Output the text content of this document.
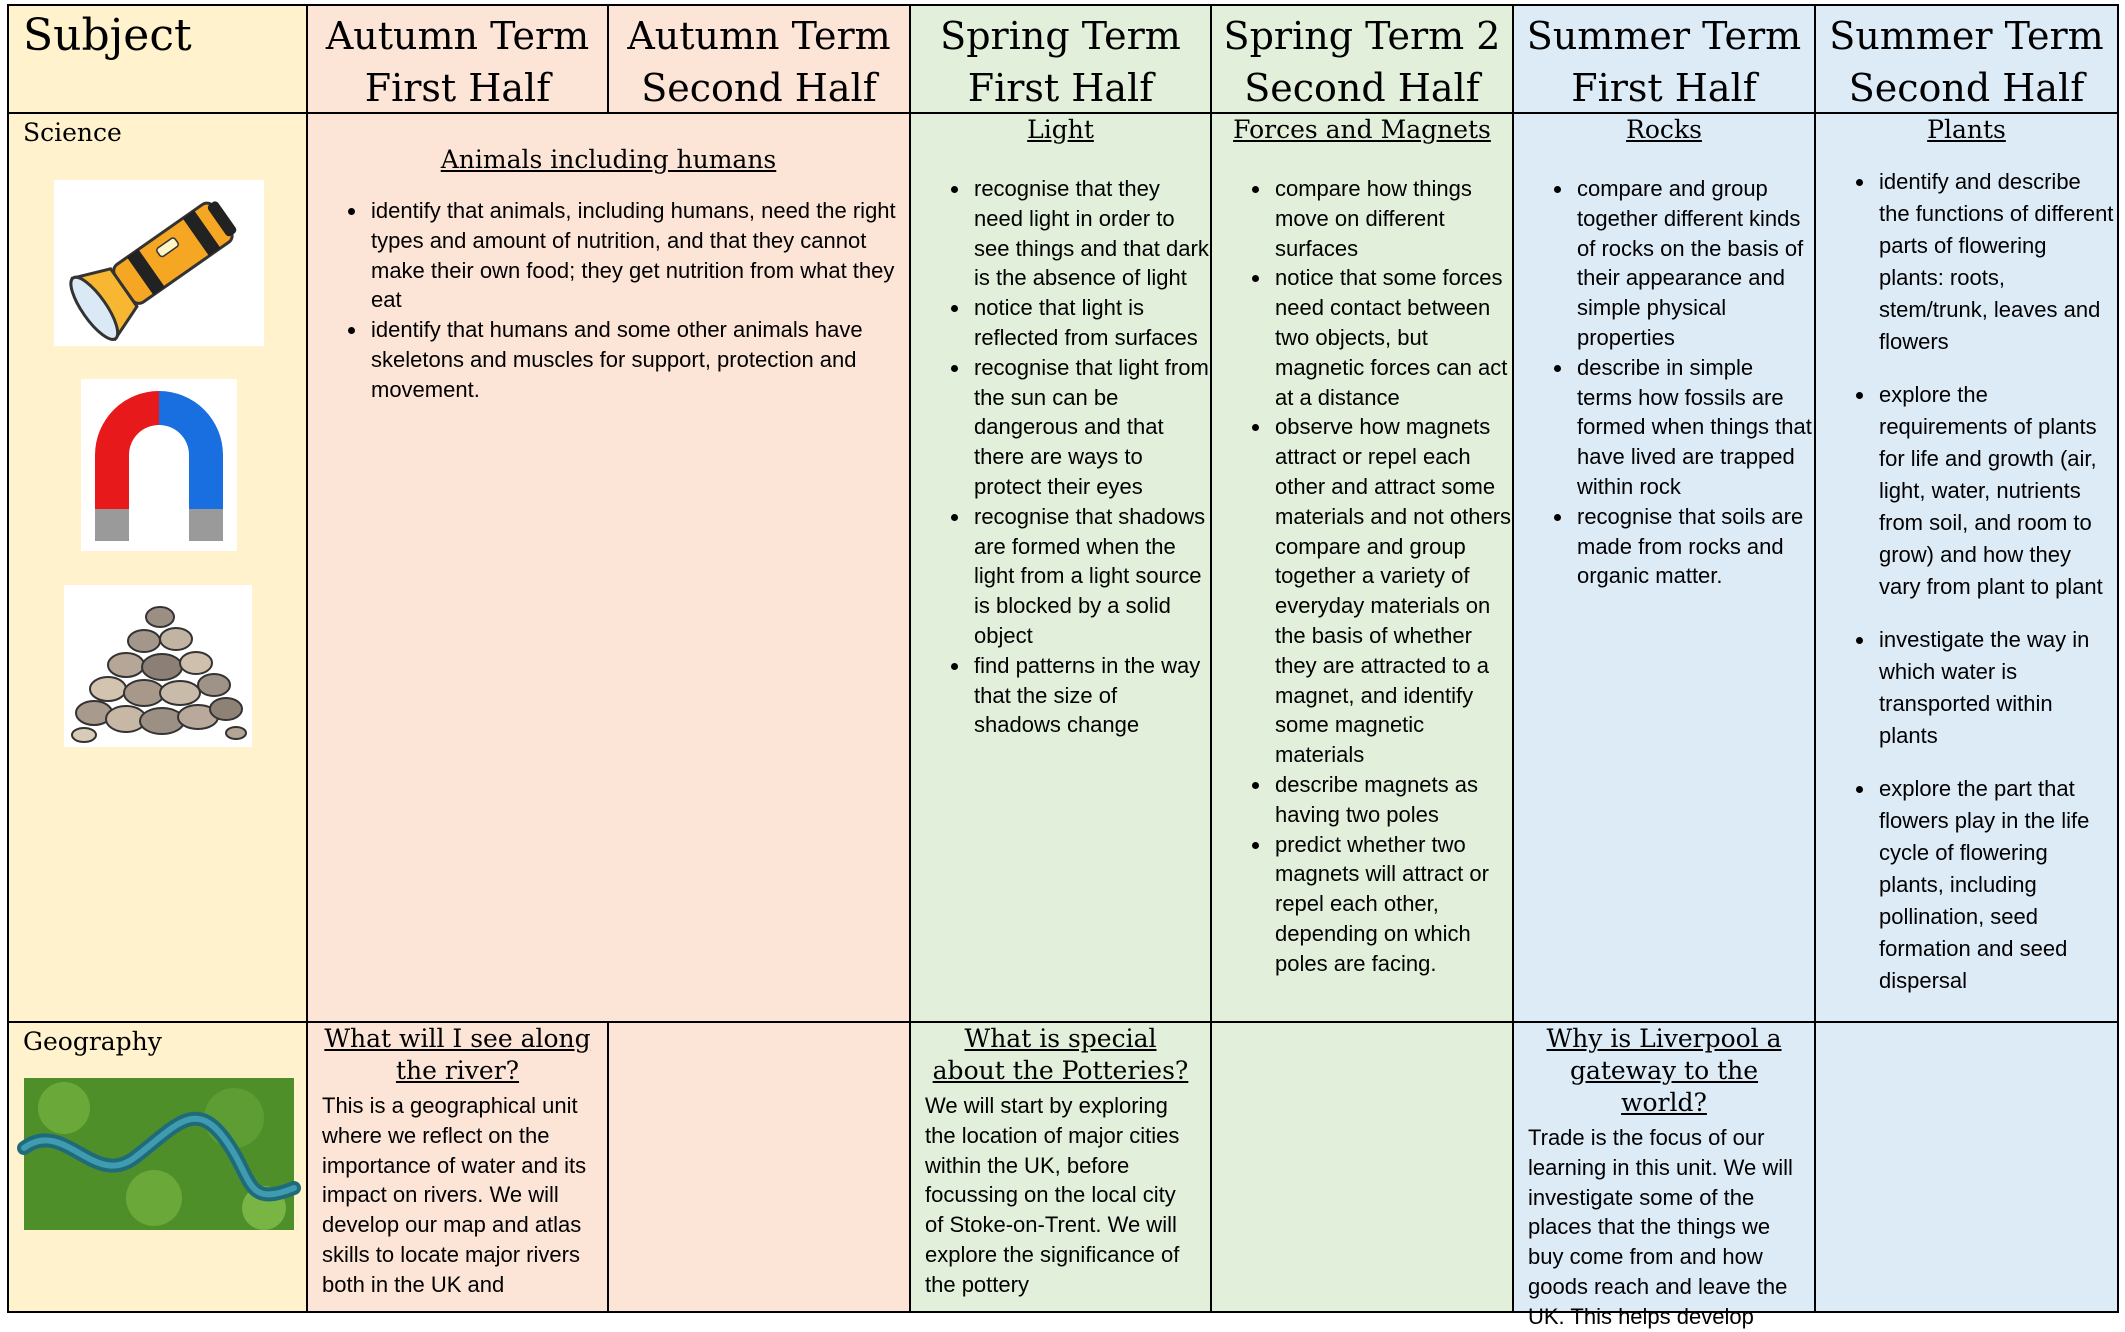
Subject	Autumn Term
First Half
Autumn Term
Second Half
Spring Term
First Half
Spring Term 2
Second Half
Summer Term
First Half
Summer Term
Second Half
Science
Animals including humans
• identify that animals, including humans, need the right types and amount of nutrition, and that they cannot make their own food; they get nutrition from what they eat
• identify that humans and some other animals have skeletons and muscles for support, protection and movement.
Light
• recognise that they need light in order to see things and that dark is the absence of light
• notice that light is reflected from surfaces
• recognise that light from the sun can be dangerous and that there are ways to protect their eyes
• recognise that shadows are formed when the light from a light source is blocked by a solid object
• find patterns in the way that the size of shadows change
Forces and Magnets
• compare how things move on different surfaces
• notice that some forces need contact between two objects, but magnetic forces can act at a distance
• observe how magnets attract or repel each other and attract some materials and not others compare and group together a variety of everyday materials on the basis of whether they are attracted to a magnet, and identify some magnetic materials
• describe magnets as having two poles
• predict whether two magnets will attract or repel each other, depending on which poles are facing.
Rocks
• compare and group together different kinds of rocks on the basis of their appearance and simple physical properties
• describe in simple terms how fossils are formed when things that have lived are trapped within rock
• recognise that soils are made from rocks and organic matter.
Plants
• identify and describe the functions of different parts of flowering plants: roots, stem/trunk, leaves and flowers
• explore the requirements of plants for life and growth (air, light, water, nutrients from soil, and room to grow) and how they vary from plant to plant
• investigate the way in which water is transported within plants
• explore the part that flowers play in the life cycle of flowering plants, including pollination, seed formation and seed dispersal
Geography	What will I see along the river?
This is a geographical unit where we reflect on the importance of water and its impact on rivers. We will develop our map and atlas skills to locate major rivers both in the UK and
What is special about the Potteries?
We will start by exploring the location of major cities within the UK, before focussing on the local city of Stoke-on-Trent. We will explore the significance of the pottery
Why is Liverpool a gateway to the world?
Trade is the focus of our learning in this unit. We will investigate some of the places that the things we buy come from and how goods reach and leave the UK. This helps develop
